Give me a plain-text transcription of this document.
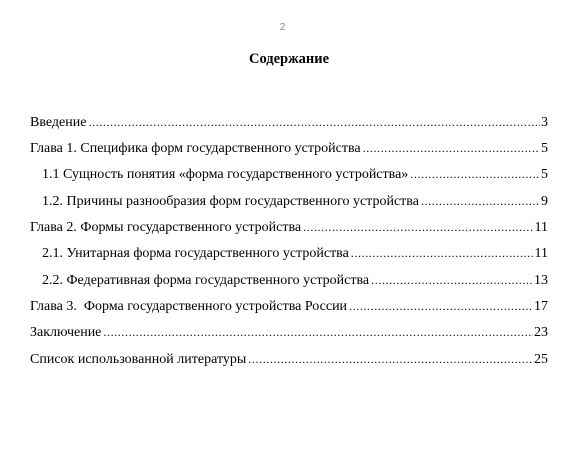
2
Содержание
Введение .....	3
Глава 1. Специфика форм государственного устройства .....	5
1.1 Сущность понятия «форма государственного устройства» .....	5
1.2. Причины разнообразия форм государственного устройства .....	9
Глава 2. Формы государственного устройства .....	11
2.1. Унитарная форма государственного устройства .....	11
2.2. Федеративная форма государственного устройства .....	13
Глава 3.  Форма государственного устройства России .....	17
Заключение .....	23
Список использованной литературы .....	25
